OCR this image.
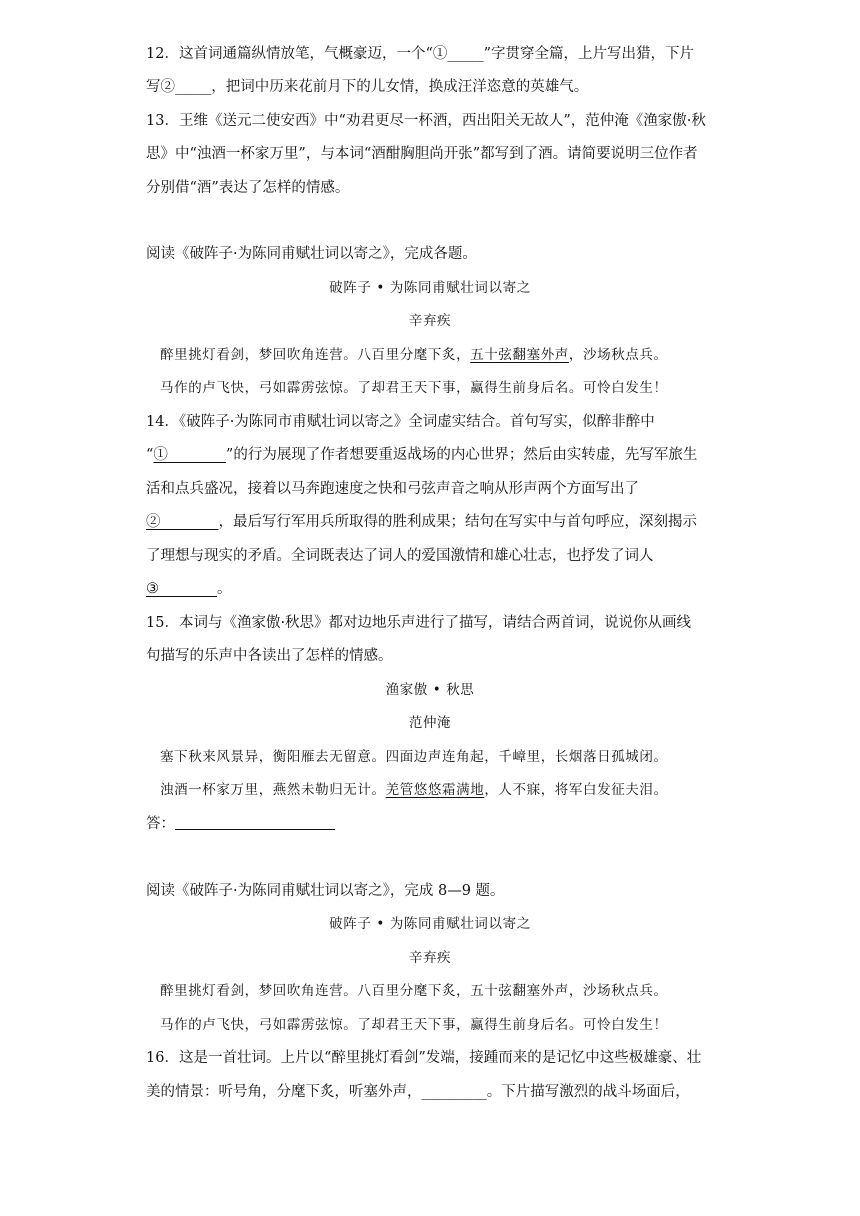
12．这首词通篇纵情放笔，气概豪迈，一个“①_____”字贯穿全篇，上片写出猎，下片
写②_____，把词中历来花前月下的儿女情，换成汪洋恣意的英雄气。
13．王维《送元二使安西》中“劝君更尽一杯酒，西出阳关无故人”，范仲淹《渔家傲·秋
思》中“浊酒一杯家万里”，与本词“酒酣胸胆尚开张”都写到了酒。请简要说明三位作者
分别借“酒”表达了怎样的情感。
阅读《破阵子·为陈同甫赋壮词以寄之》，完成各题。
破阵子 • 为陈同甫赋壮词以寄之
辛弃疾
醉里挑灯看剑，梦回吹角连营。八百里分麾下炙，五十弦翻塞外声，沙场秋点兵。
马作的卢飞快，弓如霹雳弦惊。了却君王天下事，赢得生前身后名。可怜白发生！
14．《破阵子·为陈同市甫赋壮词以寄之》全词虚实结合。首句写实，似醉非醉中
“①________”的行为展现了作者想要重返战场的内心世界；然后由实转虚，先写军旅生
活和点兵盛况，接着以马奔跑速度之快和弓弦声音之响从形声两个方面写出了
②________，最后写行军用兵所取得的胜利成果；结句在写实中与首句呼应，深刻揭示
了理想与现实的矛盾。全词既表达了词人的爱国激情和雄心壮志，也抒发了词人
③________。
15．本词与《渔家傲·秋思》都对边地乐声进行了描写，请结合两首词，说说你从画线
句描写的乐声中各读出了怎样的情感。
渔家傲 • 秋思
范仲淹
塞下秋来风景异，衡阳雁去无留意。四面边声连角起，千嶂里，长烟落日孤城闭。
浊酒一杯家万里，燕然未勒归无计。羌管悠悠霜满地，人不寐，将军白发征夫泪。
答：
阅读《破阵子·为陈同甫赋壮词以寄之》，完成 8—9 题。
破阵子 • 为陈同甫赋壮词以寄之
辛弃疾
醉里挑灯看剑，梦回吹角连营。八百里分麾下炙，五十弦翻塞外声，沙场秋点兵。
马作的卢飞快，弓如霹雳弦惊。了却君王天下事，赢得生前身后名。可怜白发生！
16．这是一首壮词。上片以“醉里挑灯看剑”发端，接踵而来的是记忆中这些极雄豪、壮
美的情景：听号角，分麾下炙，听塞外声，_________。下片描写激烈的战斗场面后，
